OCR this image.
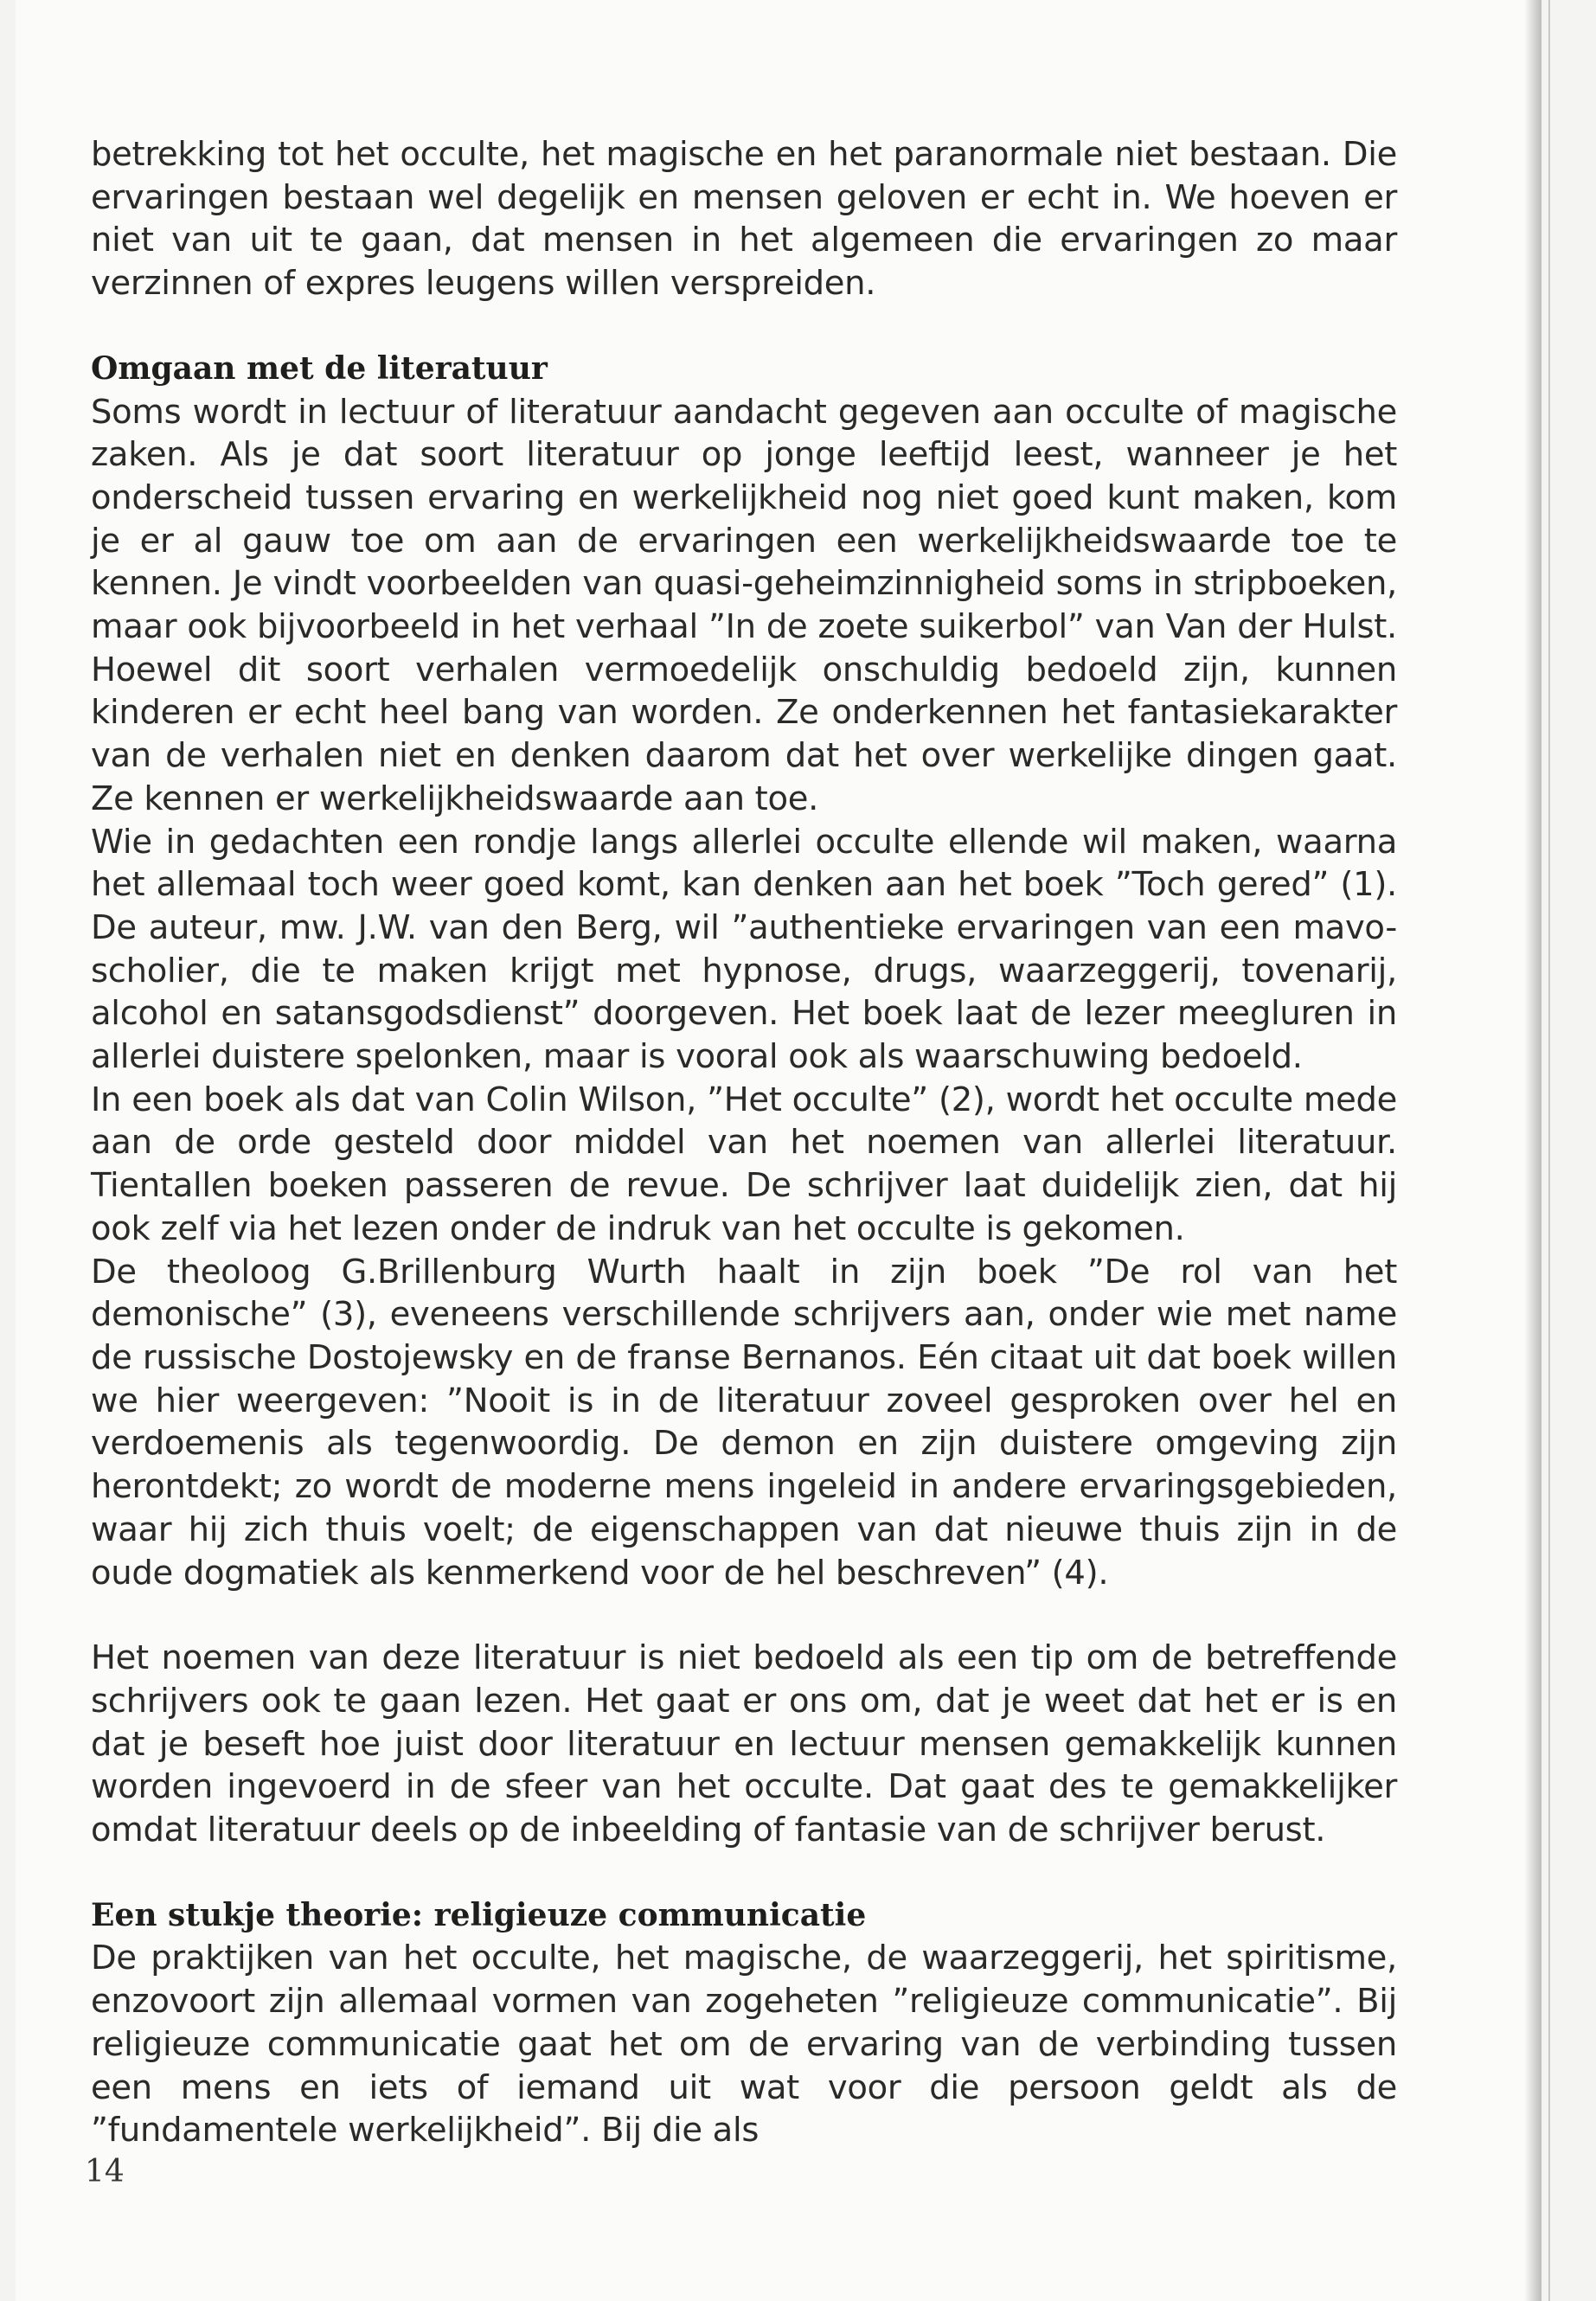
betrekking tot het occulte, het magische en het paranormale niet bestaan. Die ervaringen bestaan wel degelijk en mensen geloven er echt in. We hoeven er niet van uit te gaan, dat mensen in het algemeen die ervaringen zo maar verzinnen of expres leugens willen verspreiden.

Omgaan met de literatuur

Soms wordt in lectuur of literatuur aandacht gegeven aan occulte of magische zaken. Als je dat soort literatuur op jonge leeftijd leest, wanneer je het onderscheid tussen ervaring en werkelijkheid nog niet goed kunt maken, kom je er al gauw toe om aan de ervaringen een werkelijkheidswaarde toe te kennen. Je vindt voorbeelden van quasi-geheimzinnigheid soms in stripboeken, maar ook bijvoorbeeld in het verhaal ”In de zoete suikerbol” van Van der Hulst. Hoewel dit soort verhalen vermoedelijk onschuldig bedoeld zijn, kunnen kinderen er echt heel bang van worden. Ze onderkennen het fantasiekarakter van de verhalen niet en denken daarom dat het over werkelijke dingen gaat. Ze kennen er werkelijkheidswaarde aan toe.

Wie in gedachten een rondje langs allerlei occulte ellende wil maken, waarna het allemaal toch weer goed komt, kan denken aan het boek ”Toch gered” (1). De auteur, mw. J.W. van den Berg, wil ”authentieke ervaringen van een mavo-scholier, die te maken krijgt met hypnose, drugs, waarzeggerij, tovenarij, alcohol en satansgodsdienst” doorgeven. Het boek laat de lezer meegluren in allerlei duistere spelonken, maar is vooral ook als waarschuwing bedoeld.

In een boek als dat van Colin Wilson, ”Het occulte” (2), wordt het occulte mede aan de orde gesteld door middel van het noemen van allerlei literatuur. Tientallen boeken passeren de revue. De schrijver laat duidelijk zien, dat hij ook zelf via het lezen onder de indruk van het occulte is gekomen.

De theoloog G.Brillenburg Wurth haalt in zijn boek ”De rol van het demonische” (3), eveneens verschillende schrijvers aan, onder wie met name de russische Dostojewsky en de franse Bernanos. Eén citaat uit dat boek willen we hier weergeven: ”Nooit is in de literatuur zoveel gesproken over hel en verdoemenis als tegenwoordig. De demon en zijn duistere omgeving zijn herontdekt; zo wordt de moderne mens ingeleid in andere ervaringsgebieden, waar hij zich thuis voelt; de eigenschappen van dat nieuwe thuis zijn in de oude dogmatiek als kenmerkend voor de hel beschreven” (4).

Het noemen van deze literatuur is niet bedoeld als een tip om de betreffende schrijvers ook te gaan lezen. Het gaat er ons om, dat je weet dat het er is en dat je beseft hoe juist door literatuur en lectuur mensen gemakkelijk kunnen worden ingevoerd in de sfeer van het occulte. Dat gaat des te gemakkelijker omdat literatuur deels op de inbeelding of fantasie van de schrijver berust.

Een stukje theorie: religieuze communicatie

De praktijken van het occulte, het magische, de waarzeggerij, het spiritisme, enzovoort zijn allemaal vormen van zogeheten ”religieuze communicatie”. Bij religieuze communicatie gaat het om de ervaring van de verbinding tussen een mens en iets of iemand uit wat voor die persoon geldt als de ”fundamentele werkelijkheid”. Bij die als

14
